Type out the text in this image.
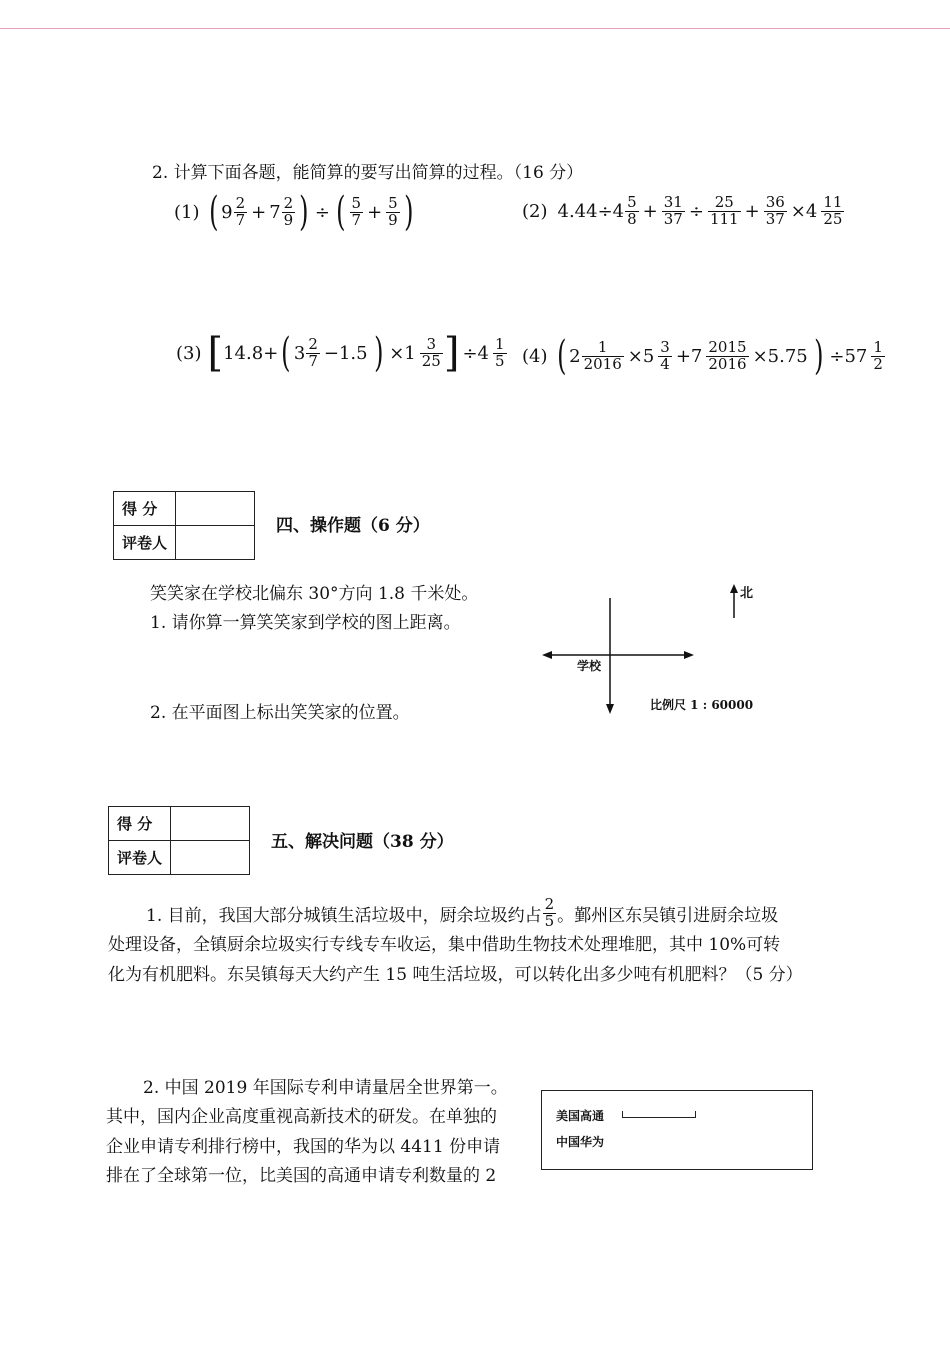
2. 计算下面各题，能简算的要写出简算的过程。（16 分）
(1) ( $9 \frac{2}{7} + 7 \frac{2}{9}$ ) ÷ ( $\frac{5}{7} + \frac{5}{9}$ )	(2) $4.44\div 4 \frac{5}{8} + \frac{31}{37} \div \frac{25}{111} + \frac{36}{37} \times 4 \frac{11}{25}$
(3) [ 14.8+ ( $3 \frac{2}{7} -1.5$ ) $\times 1 \frac{3}{25}$ ] $\div 4 \frac{1}{5} (4)$ ( $2 \frac{1}{2016} \times 5 \frac{3}{4} +7 \frac{2015}{2016} \times 5.75$ ) $\div 57 \frac{1}{2}$
得 分	
评卷人	
四、操作题（6 分）
笑笑家在学校北偏东 30°方向 1.8 千米处。
1. 请你算一算笑笑家到学校的图上距离。
2. 在平面图上标出笑笑家的位置。
北
学校
比例尺 1 : 60000
得 分	
评卷人	
五、解决问题（38 分）
1. 目前，我国大部分城镇生活垃圾中，厨余垃圾约占 $\frac{2}{5}$ 。鄞州区东吴镇引进厨余垃圾
处理设备，全镇厨余垃圾实行专线专车收运，集中借助生物技术处理堆肥，其中 10%可转
化为有机肥料。东吴镇每天大约产生 15 吨生活垃圾，可以转化出多少吨有机肥料？（5 分）
2. 中国 2019 年国际专利申请量居全世界第一。
其中，国内企业高度重视高新技术的研发。在单独的
企业申请专利排行榜中，我国的华为以 4411 份申请
排在了全球第一位，比美国的高通申请专利数量的 2
美国高通
中国华为
